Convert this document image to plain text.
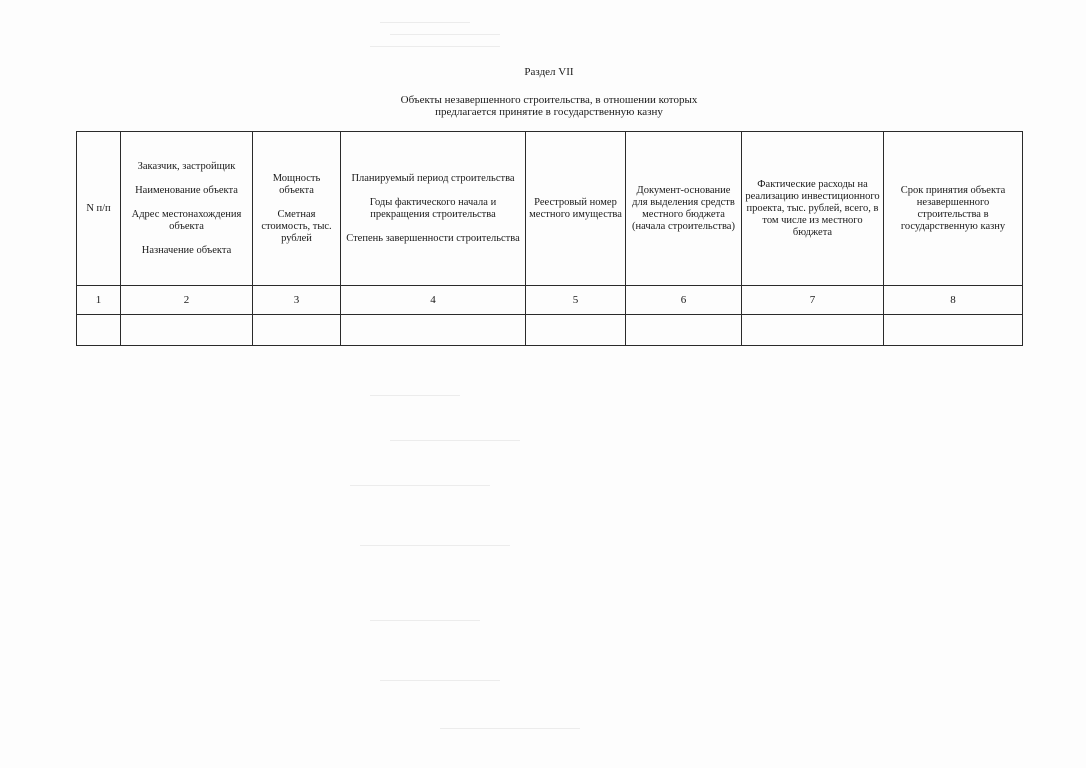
Раздел VII
Объекты незавершенного строительства, в отношении которых
предлагается принятие в государственную казну
N п/п	Заказчик, застройщик
Наименование объекта
Адрес местонахождения объекта
Назначение объекта	Мощность объекта
Сметная стоимость, тыс. рублей	Планируемый период строительства
Годы фактического начала и прекращения строительства
Степень завершенности строительства	Реестровый номер местного имущества	Документ-основание для выделения средств местного бюджета (начала строительства)	Фактические расходы на реализацию инвестиционного проекта, тыс. рублей, всего, в том числе из местного бюджета	Срок принятия объекта незавершенного строительства в государственную казну

1	2	3	4	5	6	7	8
